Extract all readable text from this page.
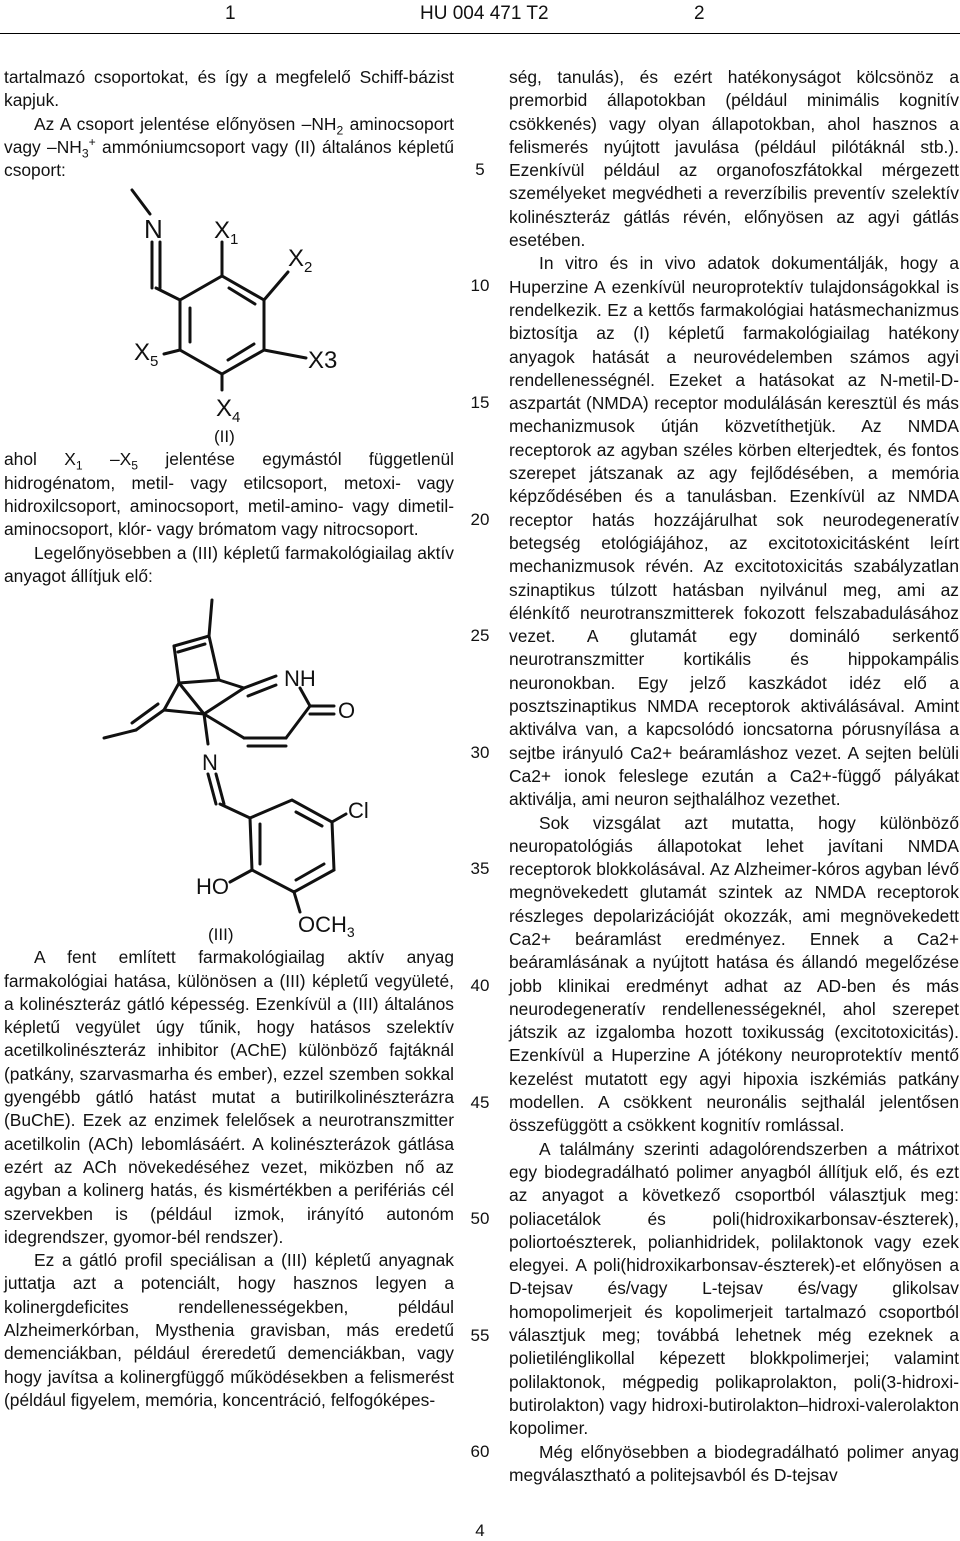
1	HU 004 471 T2	2

tartalmazó csoportokat, és így a megfelelő Schiff-bázist kapjuk.

Az A csoport jelentése előnyösen $-NH_2$ aminocsoport vagy $-NH_3^+$ ammóniumcsoport vagy (II) általános képletű csoport:

N $X_1$
$X_2$
X3
$X_4$
$X_5$
(II)

ahol $X_1$ $-X_5$ jelentése egymástól függetlenül hidrogénatom, metil- vagy etilcsoport, metoxi- vagy hidroxilcsoport, aminocsoport, metil-amino- vagy dimetil-aminocsoport, klór- vagy brómatom vagy nitrocsoport.

Legelőnyösebben a (III) képletű farmakológiailag aktív anyagot állítjuk elő:

NH
O
N
Cl
HO
$OCH_3$
(III)

A fent említett farmakológiailag aktív anyag farmakológiai hatása, különösen a (III) képletű vegyületé, a kolinészteráz gátló képesség. Ezenkívül a (III) általános képletű vegyület úgy tűnik, hogy hatásos szelektív acetilkolinészteráz inhibitor (AChE) különböző fajtáknál (patkány, szarvasmarha és ember), ezzel szemben sokkal gyengébb gátló hatást mutat a butirilkolinészterázra (BuChE). Ezek az enzimek felelősek a neurotranszmitter acetilkolin (ACh) lebomlásáért. A kolinészterázok gátlása ezért az ACh növekedéséhez vezet, miközben nő az agyban a kolinerg hatás, és kismértékben a perifériás cél szervekben is (például izmok, irányító autonóm idegrendszer, gyomor-bél rendszer).

Ez a gátló profil speciálisan a (III) képletű anyagnak juttatja azt a potenciált, hogy hasznos legyen a kolinergdeficites rendellenességekben, például Alzheimerkórban, Mysthenia gravisban, más eredetű demenciákban, például éreredetű demenciákban, vagy hogy javítsa a kolinergfüggő működésekben a felismerést (például figyelem, memória, koncentráció, felfogóképes-

5
10
15
20
25
30
35
40
45
50
55
60

ség, tanulás), és ezért hatékonyságot kölcsönöz a premorbid állapotokban (például minimális kognitív csökkenés) vagy olyan állapotokban, ahol hasznos a felismerés nyújtott javulása (például pilótáknál stb.). Ezenkívül például az organofoszfátokkal mérgezett személyeket megvédheti a reverzíbilis preventív szelektív kolinészteráz gátlás révén, előnyösen az agyi gátlás esetében.

In vitro és in vivo adatok dokumentálják, hogy a Huperzine A ezenkívül neuroprotektív tulajdonságokkal is rendelkezik. Ez a kettős farmakológiai hatásmechanizmus biztosítja az (I) képletű farmakológiailag hatékony anyagok hatását a neurovédelemben számos agyi rendellenességnél. Ezeket a hatásokat az N-metil-D-aszpartát (NMDA) receptor modulálásán keresztül és más mechanizmusok útján közvetíthetjük. Az NMDA receptorok az agyban széles körben elterjedtek, és fontos szerepet játszanak az agy fejlődésében, a memória képződésében és a tanulásban. Ezenkívül az NMDA receptor hatás hozzájárulhat sok neurodegeneratív betegség etológiájához, az excitotoxicitásként leírt mechanizmusok révén. Az excitotoxicitás szabályzatlan szinaptikus túlzott hatásban nyilvánul meg, ami az élénkítő neurotranszmitterek fokozott felszabadulásához vezet. A glutamát egy domináló serkentő neurotranszmitter kortikális és hippokampális neuronokban. Egy jelző kaszkádot idéz elő a posztszinaptikus NMDA receptorok aktiválásával. Amint aktiválva van, a kapcsolódó ioncsatorna pórusnyílása a sejtbe irányuló Ca2+ beáramláshoz vezet. A sejten belüli Ca2+ ionok feleslege ezután a Ca2+-függő pályákat aktiválja, ami neuron sejthalálhoz vezethet.

Sok vizsgálat azt mutatta, hogy különböző neuropatológiás állapotokat lehet javítani NMDA receptorok blokkolásával. Az Alzheimer-kóros agyban lévő megnövekedett glutamát szintek az NMDA receptorok részleges depolarizációját okozzák, ami megnövekedett Ca2+ beáramlást eredményez. Ennek a Ca2+ beáramlásának a nyújtott hatása és állandó megelőzése jobb klinikai eredményt adhat az AD-ben és más neurodegeneratív rendellenességeknél, ahol szerepet játszik az izgalomba hozott toxikusság (excitotoxicitás). Ezenkívül a Huperzine A jótékony neuroprotektív mentő kezelést mutatott egy agyi hipoxia iszkémiás patkány modellen. A csökkent neuronális sejthalál jelentősen összefüggött a csökkent kognitív romlással.

A találmány szerinti adagolórendszerben a mátrixot egy biodegradálható polimer anyagból állítjuk elő, és ezt az anyagot a következő csoportból választjuk meg: poliacetálok és poli(hidroxikarbonsav-észterek), poliortoészterek, polianhidridek, polilaktonok vagy ezek elegyei. A poli(hidroxikarbonsav-észterek)-et előnyösen a D-tejsav és/vagy L-tejsav és/vagy glikolsav homopolimerjeit és kopolimerjeit tartalmazó csoportból választjuk meg; továbbá lehetnek még ezeknek a polietilénglikollal képezett blokkpolimerjei; valamint polilaktonok, mégpedig polikaprolakton, poli(3-hidroxi-butirolakton) vagy hidroxi-butirolakton–hidroxi-valerolakton kopolimer.

Még előnyösebben a biodegradálható polimer anyag megválasztható a politejsavból és D-tejsav

4
